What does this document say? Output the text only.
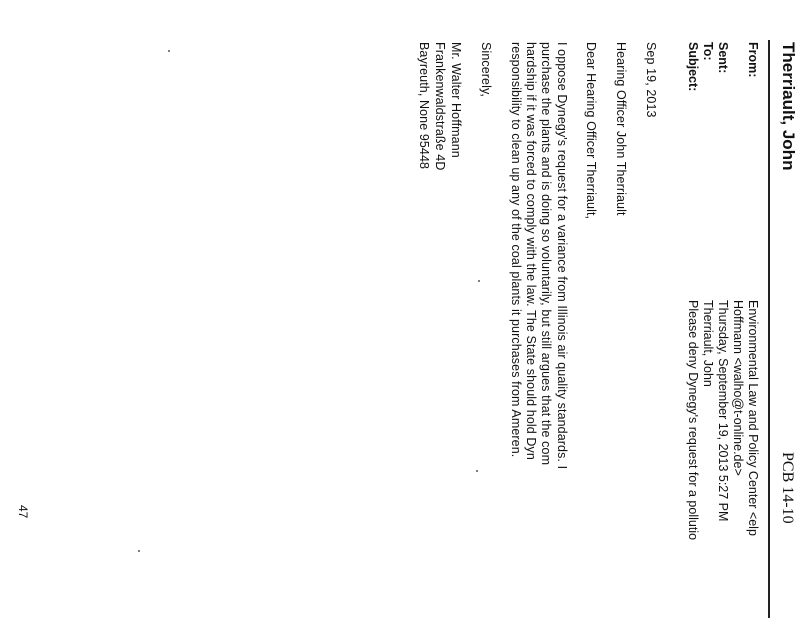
Therriault, John
PCB 14-10
From:
Environmental Law and Policy Center <elp
Hoffmann <walho@t-online.de>
Sent:
Thursday, September 19, 2013 5:27 PM
To:
Therriault, John
Subject:
Please deny Dynegy's request for a pollutio
Sep 19, 2013
Hearing Officer John Therriault
Dear Hearing Officer Therriault,
I oppose Dynegy's request for a variance from Illinois air quality standards. I
purchase the plants and is doing so voluntarily, but still argues that the com
hardship if it was forced to comply with the law. The State should hold Dyn
responsibility to clean up any of the coal plants it purchases from Ameren.
Sincerely,
Mr. Walter Hoffmann
Frankenwaldstraße 4D
Bayreuth, None 95448
47
